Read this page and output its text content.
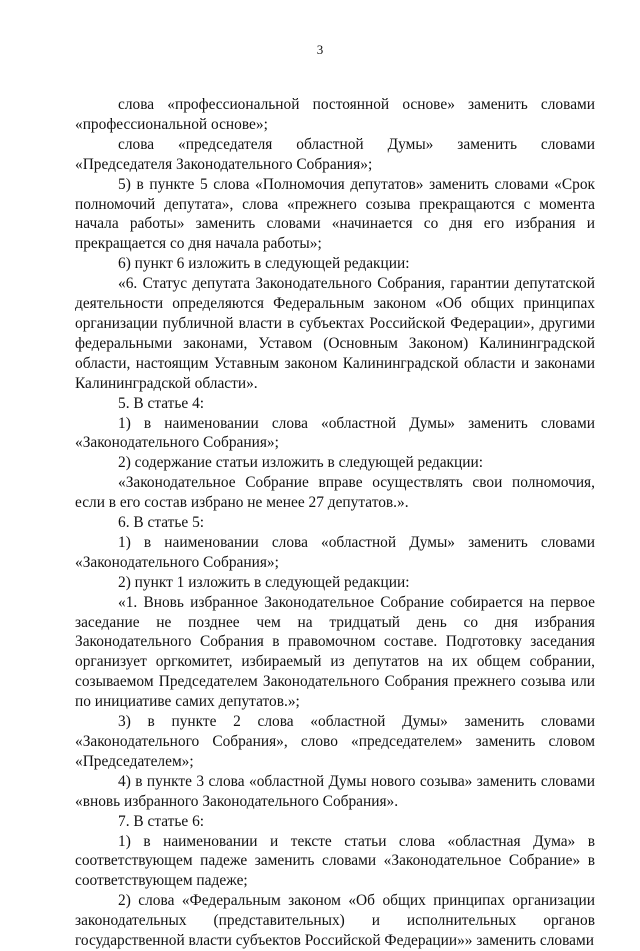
3

слова «профессиональной постоянной основе» заменить словами «профессиональной основе»;

слова «председателя областной Думы» заменить словами «Председателя Законодательного Собрания»;

5) в пункте 5 слова «Полномочия депутатов» заменить словами «Срок полномочий депутата», слова «прежнего созыва прекращаются с момента начала работы» заменить словами «начинается со дня его избрания и прекращается со дня начала работы»;

6) пункт 6 изложить в следующей редакции:

«6. Статус депутата Законодательного Собрания, гарантии депутатской деятельности определяются Федеральным законом «Об общих принципах организации публичной власти в субъектах Российской Федерации», другими федеральными законами, Уставом (Основным Законом) Калининградской области, настоящим Уставным законом Калининградской области и законами Калининградской области».

5. В статье 4:

1) в наименовании слова «областной Думы» заменить словами «Законодательного Собрания»;

2) содержание статьи изложить в следующей редакции:

«Законодательное Собрание вправе осуществлять свои полномочия, если в его состав избрано не менее 27 депутатов.».

6. В статье 5:

1) в наименовании слова «областной Думы» заменить словами «Законодательного Собрания»;

2) пункт 1 изложить в следующей редакции:

«1. Вновь избранное Законодательное Собрание собирается на первое заседание не позднее чем на тридцатый день со дня избрания Законодательного Собрания в правомочном составе. Подготовку заседания организует оргкомитет, избираемый из депутатов на их общем собрании, созываемом Председателем Законодательного Собрания прежнего созыва или по инициативе самих депутатов.»;

3) в пункте 2 слова «областной Думы» заменить словами «Законодательного Собрания», слово «председателем» заменить словом «Председателем»;

4) в пункте 3 слова «областной Думы нового созыва» заменить словами «вновь избранного Законодательного Собрания».

7. В статье 6:

1) в наименовании и тексте статьи слова «областная Дума» в соответствующем падеже заменить словами «Законодательное Собрание» в соответствующем падеже;

2) слова «Федеральным законом «Об общих принципах организации законодательных (представительных) и исполнительных органов государственной власти субъектов Российской Федерации»» заменить словами
